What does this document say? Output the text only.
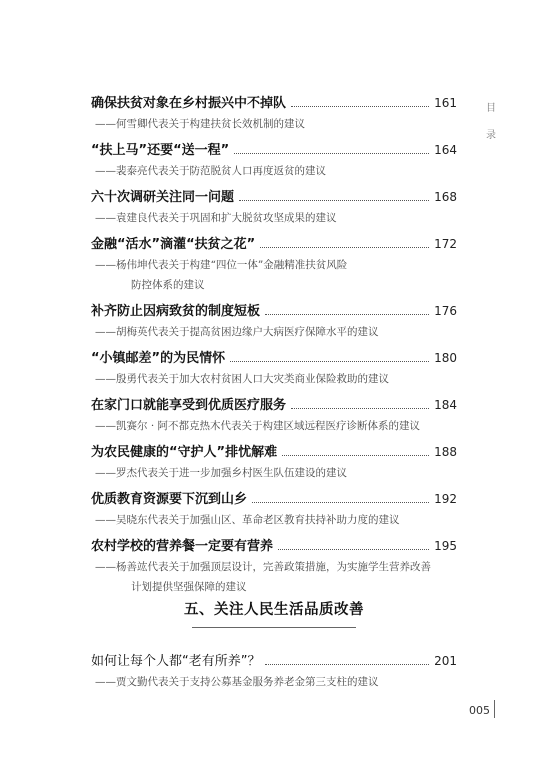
目
录
确保扶贫对象在乡村振兴中不掉队	161
——何雪卿代表关于构建扶贫长效机制的建议
“扶上马”还要“送一程”	164
——裴泰亮代表关于防范脱贫人口再度返贫的建议
六十次调研关注同一问题	168
——袁建良代表关于巩固和扩大脱贫攻坚成果的建议
金融“活水”滴灌“扶贫之花”	172
——杨伟坤代表关于构建“四位一体”金融精准扶贫风险
防控体系的建议
补齐防止因病致贫的制度短板	176
——胡梅英代表关于提高贫困边缘户大病医疗保障水平的建议
“小镇邮差”的为民情怀	180
——殷勇代表关于加大农村贫困人口大灾类商业保险救助的建议
在家门口就能享受到优质医疗服务	184
——凯赛尔 · 阿不都克热木代表关于构建区域远程医疗诊断体系的建议
为农民健康的“守护人”排忧解难	188
——罗杰代表关于进一步加强乡村医生队伍建设的建议
优质教育资源要下沉到山乡	192
——吴晓东代表关于加强山区、革命老区教育扶持补助力度的建议
农村学校的营养餐一定要有营养	195
——杨善竑代表关于加强顶层设计，完善政策措施，为实施学生营养改善
计划提供坚强保障的建议
五、关注人民生活品质改善
如何让每个人都“老有所养”？	201
——贾文勤代表关于支持公募基金服务养老金第三支柱的建议
005
